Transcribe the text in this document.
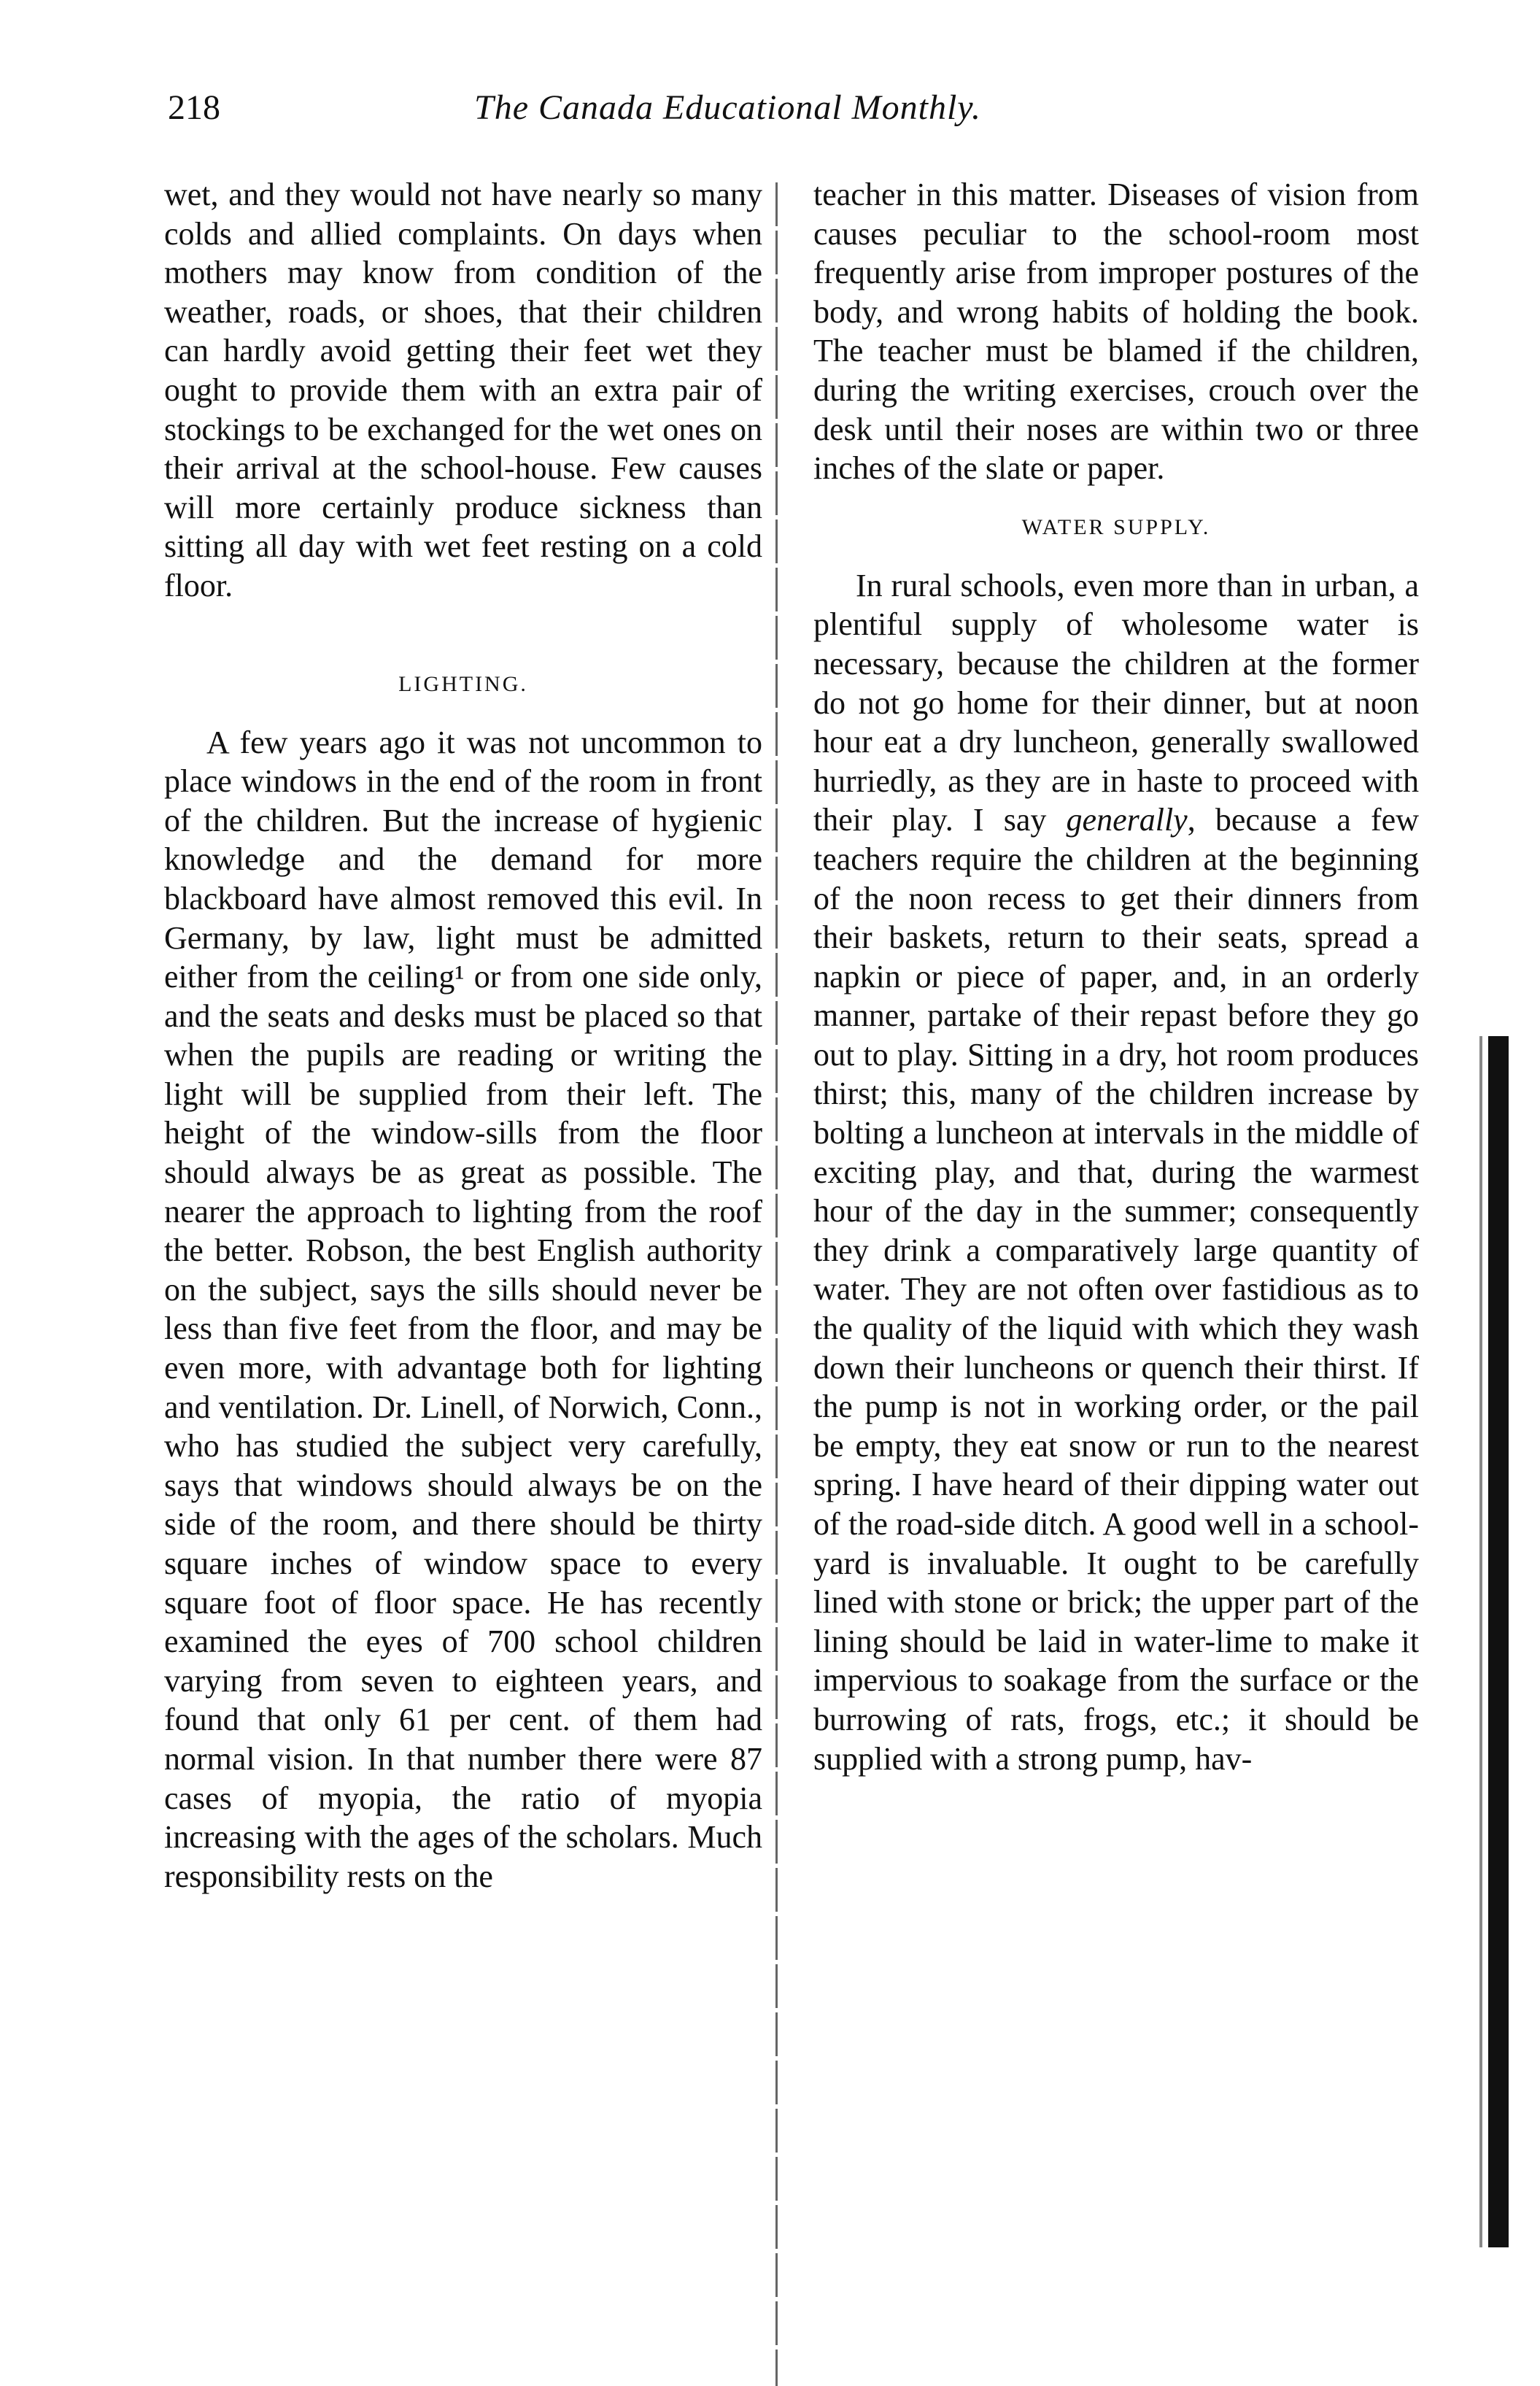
218	The Canada Educational Monthly.

wet, and they would not have nearly so many colds and allied complaints. On days when mothers may know from condition of the weather, roads, or shoes, that their children can hardly avoid getting their feet wet they ought to provide them with an extra pair of stockings to be exchanged for the wet ones on their arrival at the school-house. Few causes will more certainly produce sickness than sitting all day with wet feet resting on a cold floor.

LIGHTING.

A few years ago it was not uncommon to place windows in the end of the room in front of the children. But the increase of hygienic knowledge and the demand for more blackboard have almost removed this evil. In Germany, by law, light must be admitted either from the ceiling¹ or from one side only, and the seats and desks must be placed so that when the pupils are reading or writing the light will be supplied from their left. The height of the window-sills from the floor should always be as great as possible. The nearer the approach to lighting from the roof the better. Robson, the best English authority on the subject, says the sills should never be less than five feet from the floor, and may be even more, with advantage both for lighting and ventilation. Dr. Linell, of Norwich, Conn., who has studied the subject very carefully, says that windows should always be on the side of the room, and there should be thirty square inches of window space to every square foot of floor space. He has recently examined the eyes of 700 school children varying from seven to eighteen years, and found that only 61 per cent. of them had normal vision. In that number there were 87 cases of myopia, the ratio of myopia increasing with the ages of the scholars. Much responsibility rests on the

teacher in this matter. Diseases of vision from causes peculiar to the school-room most frequently arise from improper postures of the body, and wrong habits of holding the book. The teacher must be blamed if the children, during the writing exercises, crouch over the desk until their noses are within two or three inches of the slate or paper.

WATER SUPPLY.

In rural schools, even more than in urban, a plentiful supply of wholesome water is necessary, because the children at the former do not go home for their dinner, but at noon hour eat a dry luncheon, generally swallowed hurriedly, as they are in haste to proceed with their play. I say generally, because a few teachers require the children at the beginning of the noon recess to get their dinners from their baskets, return to their seats, spread a napkin or piece of paper, and, in an orderly manner, partake of their repast before they go out to play. Sitting in a dry, hot room produces thirst; this, many of the children increase by bolting a luncheon at intervals in the middle of exciting play, and that, during the warmest hour of the day in the summer; consequently they drink a comparatively large quantity of water. They are not often over fastidious as to the quality of the liquid with which they wash down their luncheons or quench their thirst. If the pump is not in working order, or the pail be empty, they eat snow or run to the nearest spring. I have heard of their dipping water out of the road-side ditch. A good well in a school-yard is invaluable. It ought to be carefully lined with stone or brick; the upper part of the lining should be laid in water-lime to make it impervious to soakage from the surface or the burrowing of rats, frogs, etc.; it should be supplied with a strong pump, hav-
